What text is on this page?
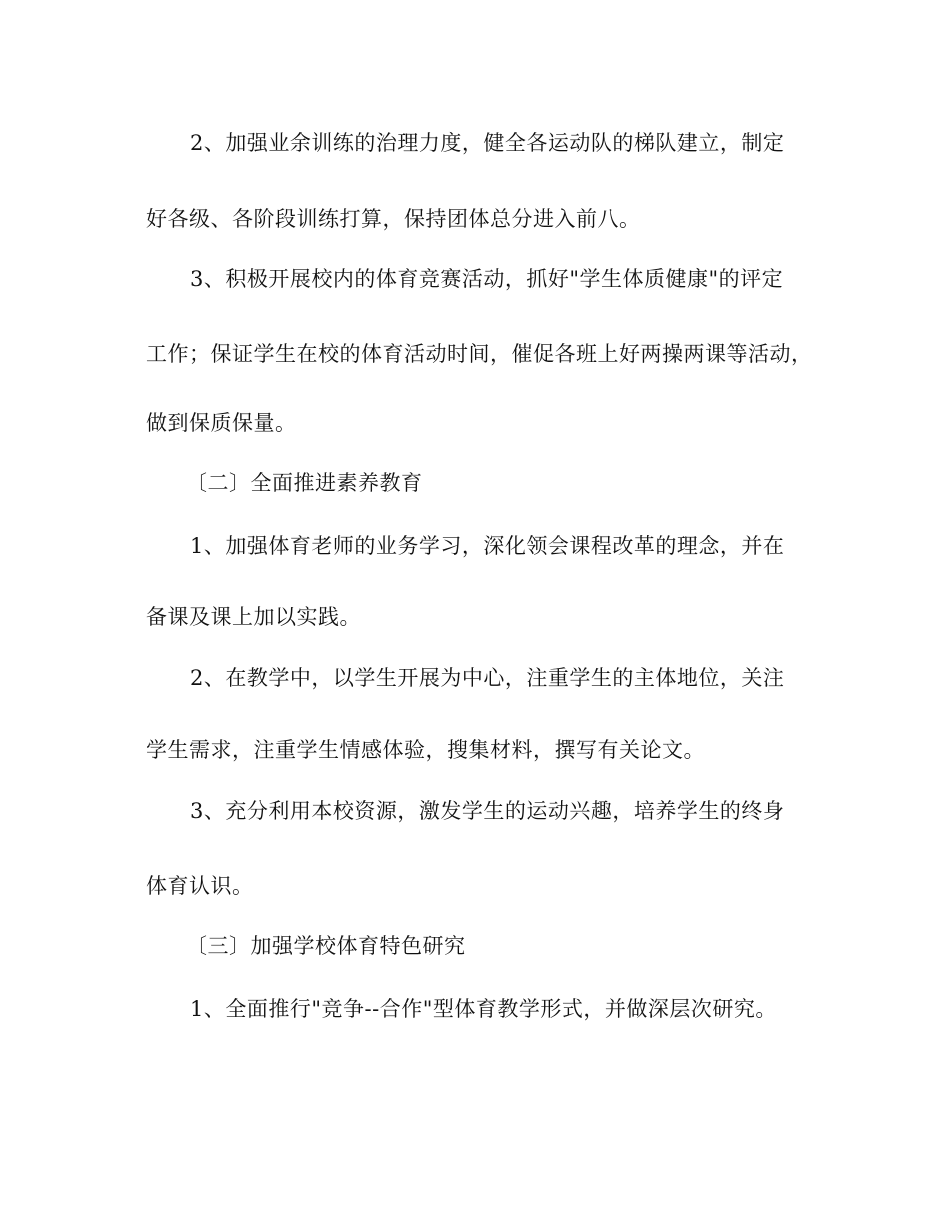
2、加强业余训练的治理力度，健全各运动队的梯队建立，制定
好各级、各阶段训练打算，保持团体总分进入前八。
3、积极开展校内的体育竞赛活动，抓好"学生体质健康"的评定
工作；保证学生在校的体育活动时间，催促各班上好两操两课等活动，
做到保质保量。
〔二〕全面推进素养教育
1、加强体育老师的业务学习，深化领会课程改革的理念，并在
备课及课上加以实践。
2、在教学中，以学生开展为中心，注重学生的主体地位，关注
学生需求，注重学生情感体验，搜集材料，撰写有关论文。
3、充分利用本校资源，激发学生的运动兴趣，培养学生的终身
体育认识。
〔三〕加强学校体育特色研究
1、全面推行"竞争--合作"型体育教学形式，并做深层次研究。
